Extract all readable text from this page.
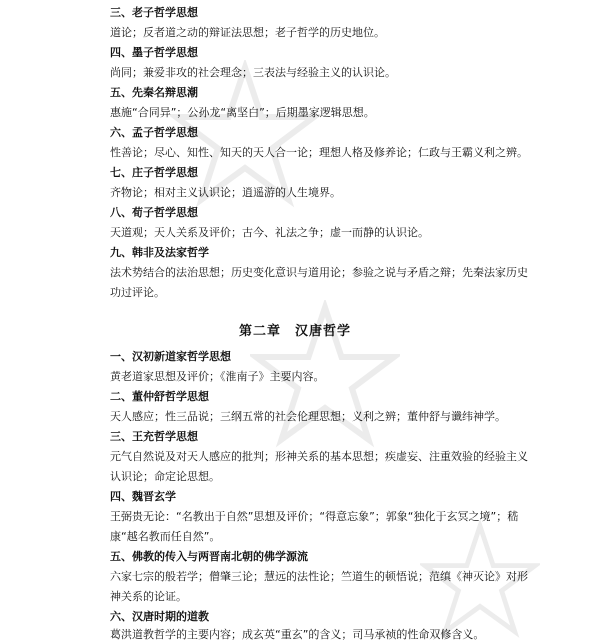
三、老子哲学思想
道论；反者道之动的辩证法思想；老子哲学的历史地位。
四、墨子哲学思想
尚同；兼爱非攻的社会理念；三表法与经验主义的认识论。
五、先秦名辩思潮
惠施“合同异”；公孙龙“离坚白”；后期墨家逻辑思想。
六、孟子哲学思想
性善论；尽心、知性、知天的天人合一论；理想人格及修养论；仁政与王霸义利之辨。
七、庄子哲学思想
齐物论；相对主义认识论；逍遥游的人生境界。
八、荀子哲学思想
天道观；天人关系及评价；古今、礼法之争；虚一而静的认识论。
九、韩非及法家哲学
法术势结合的法治思想；历史变化意识与道用论；参验之说与矛盾之辩；先秦法家历史
功过评论。
第二章　汉唐哲学
一、汉初新道家哲学思想
黄老道家思想及评价；《淮南子》主要内容。
二、董仲舒哲学思想
天人感应；性三品说；三纲五常的社会伦理思想；义利之辨；董仲舒与谶纬神学。
三、王充哲学思想
元气自然说及对天人感应的批判；形神关系的基本思想；疾虚妄、注重效验的经验主义
认识论；命定论思想。
四、魏晋玄学
王弼贵无论：“名教出于自然”思想及评价；“得意忘象”；郭象“独化于玄冥之境”；嵇
康“越名教而任自然”。
五、佛教的传入与两晋南北朝的佛学源流
六家七宗的般若学；僧肇三论；慧远的法性论；竺道生的顿悟说；范缜《神灭论》对形
神关系的论证。
六、汉唐时期的道教
葛洪道教哲学的主要内容；成玄英“重玄”的含义；司马承祯的性命双修含义。
